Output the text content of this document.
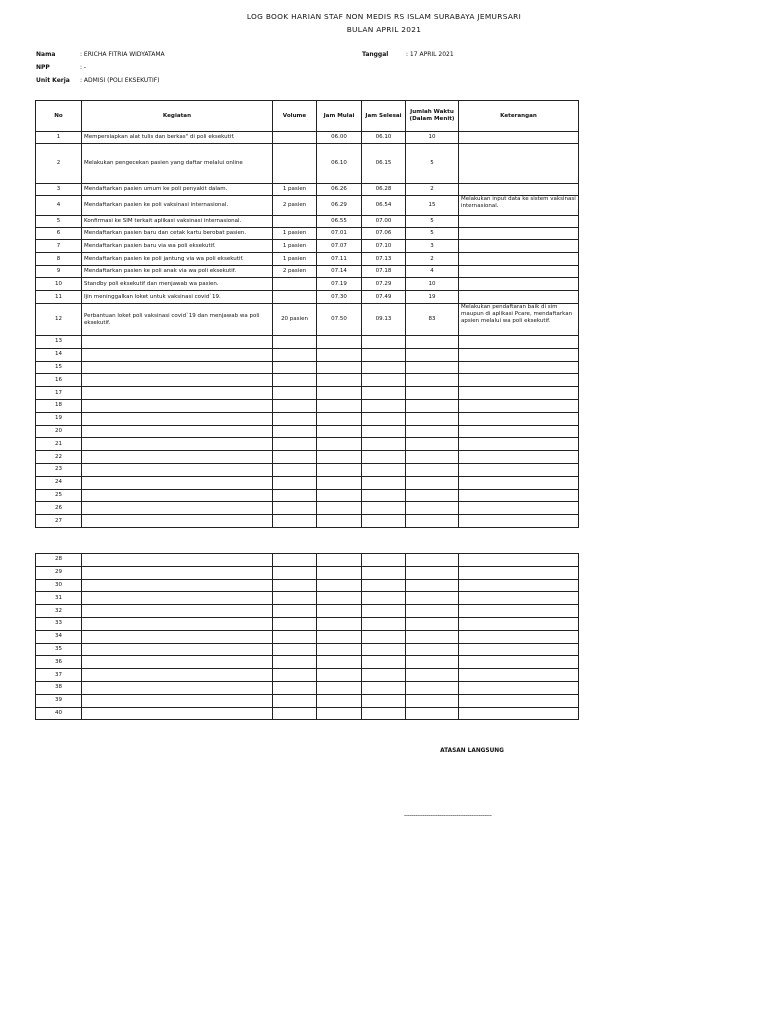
LOG BOOK HARIAN STAF NON MEDIS RS ISLAM SURABAYA JEMURSARI
BULAN APRIL 2021
Nama	: ERICHA FITRIA WIDYATAMA
NPP	: -
Unit Kerja : ADMISI (POLI EKSEKUTIF)
Tanggal	: 17 APRIL 2021
No	Kegiatan	Volume	Jam Mulai	Jam Selesai	Jumlah Waktu (Dalam Menit)	Keterangan
1	Mempersiapkan alat tulis dan berkas" di poli eksekutif.		06.00	06.10	10	
2	Melakukan pengecekan pasien yang daftar melalui online		06.10	06.15	5	
3	Mendaftarkan pasien umum ke poli penyakit dalam.	1 pasien	06.26	06.28	2	
4	Mendaftarkan pasien ke poli vaksinasi internasional.	2 pasien	06.29	06.54	15	Melakukan input data ke sistem vaksinasi internasional.
5	Konfirmasi ke SIM terkait aplikasi vaksinasi internasional.		06.55	07.00	5	
6	Mendaftarkan pasien baru dan cetak kartu berobat pasien.	1 pasien	07.01	07.06	5	
7	Mendaftarkan pasien baru via wa poli eksekutif.	1 pasien	07.07	07.10	3	
8	Mendaftarkan pasien ke poli jantung via wa poli eksekutif.	1 pasien	07.11	07.13	2	
9	Mendaftarkan pasien ke poli anak via wa poli eksekutif.	2 pasien	07.14	07.18	4	
10	Standby poli eksekutif dan menjawab wa pasien.		07.19	07.29	10	
11	Ijin meninggalkan loket untuk vaksinasi covid`19.		07.30	07.49	19	
12	Perbantuan loket poli vaksinasi covid`19 dan menjawab wa poli eksekutif.	20 pasien	07.50	09.13	83	Melakukan pendaftaran baik di sim maupun di aplikasi Pcare, mendaftarkan apsien melalui wa poli eksekutif.
13						
14						
15						
16						
17						
18						
19						
20						
21						
22						
23						
24						
25						
26						
27						
28						
29						
30						
31						
32						
33						
34						
35						
36						
37						
38						
39						
40						
ATASAN LANGSUNG
-----------------------------------------------
